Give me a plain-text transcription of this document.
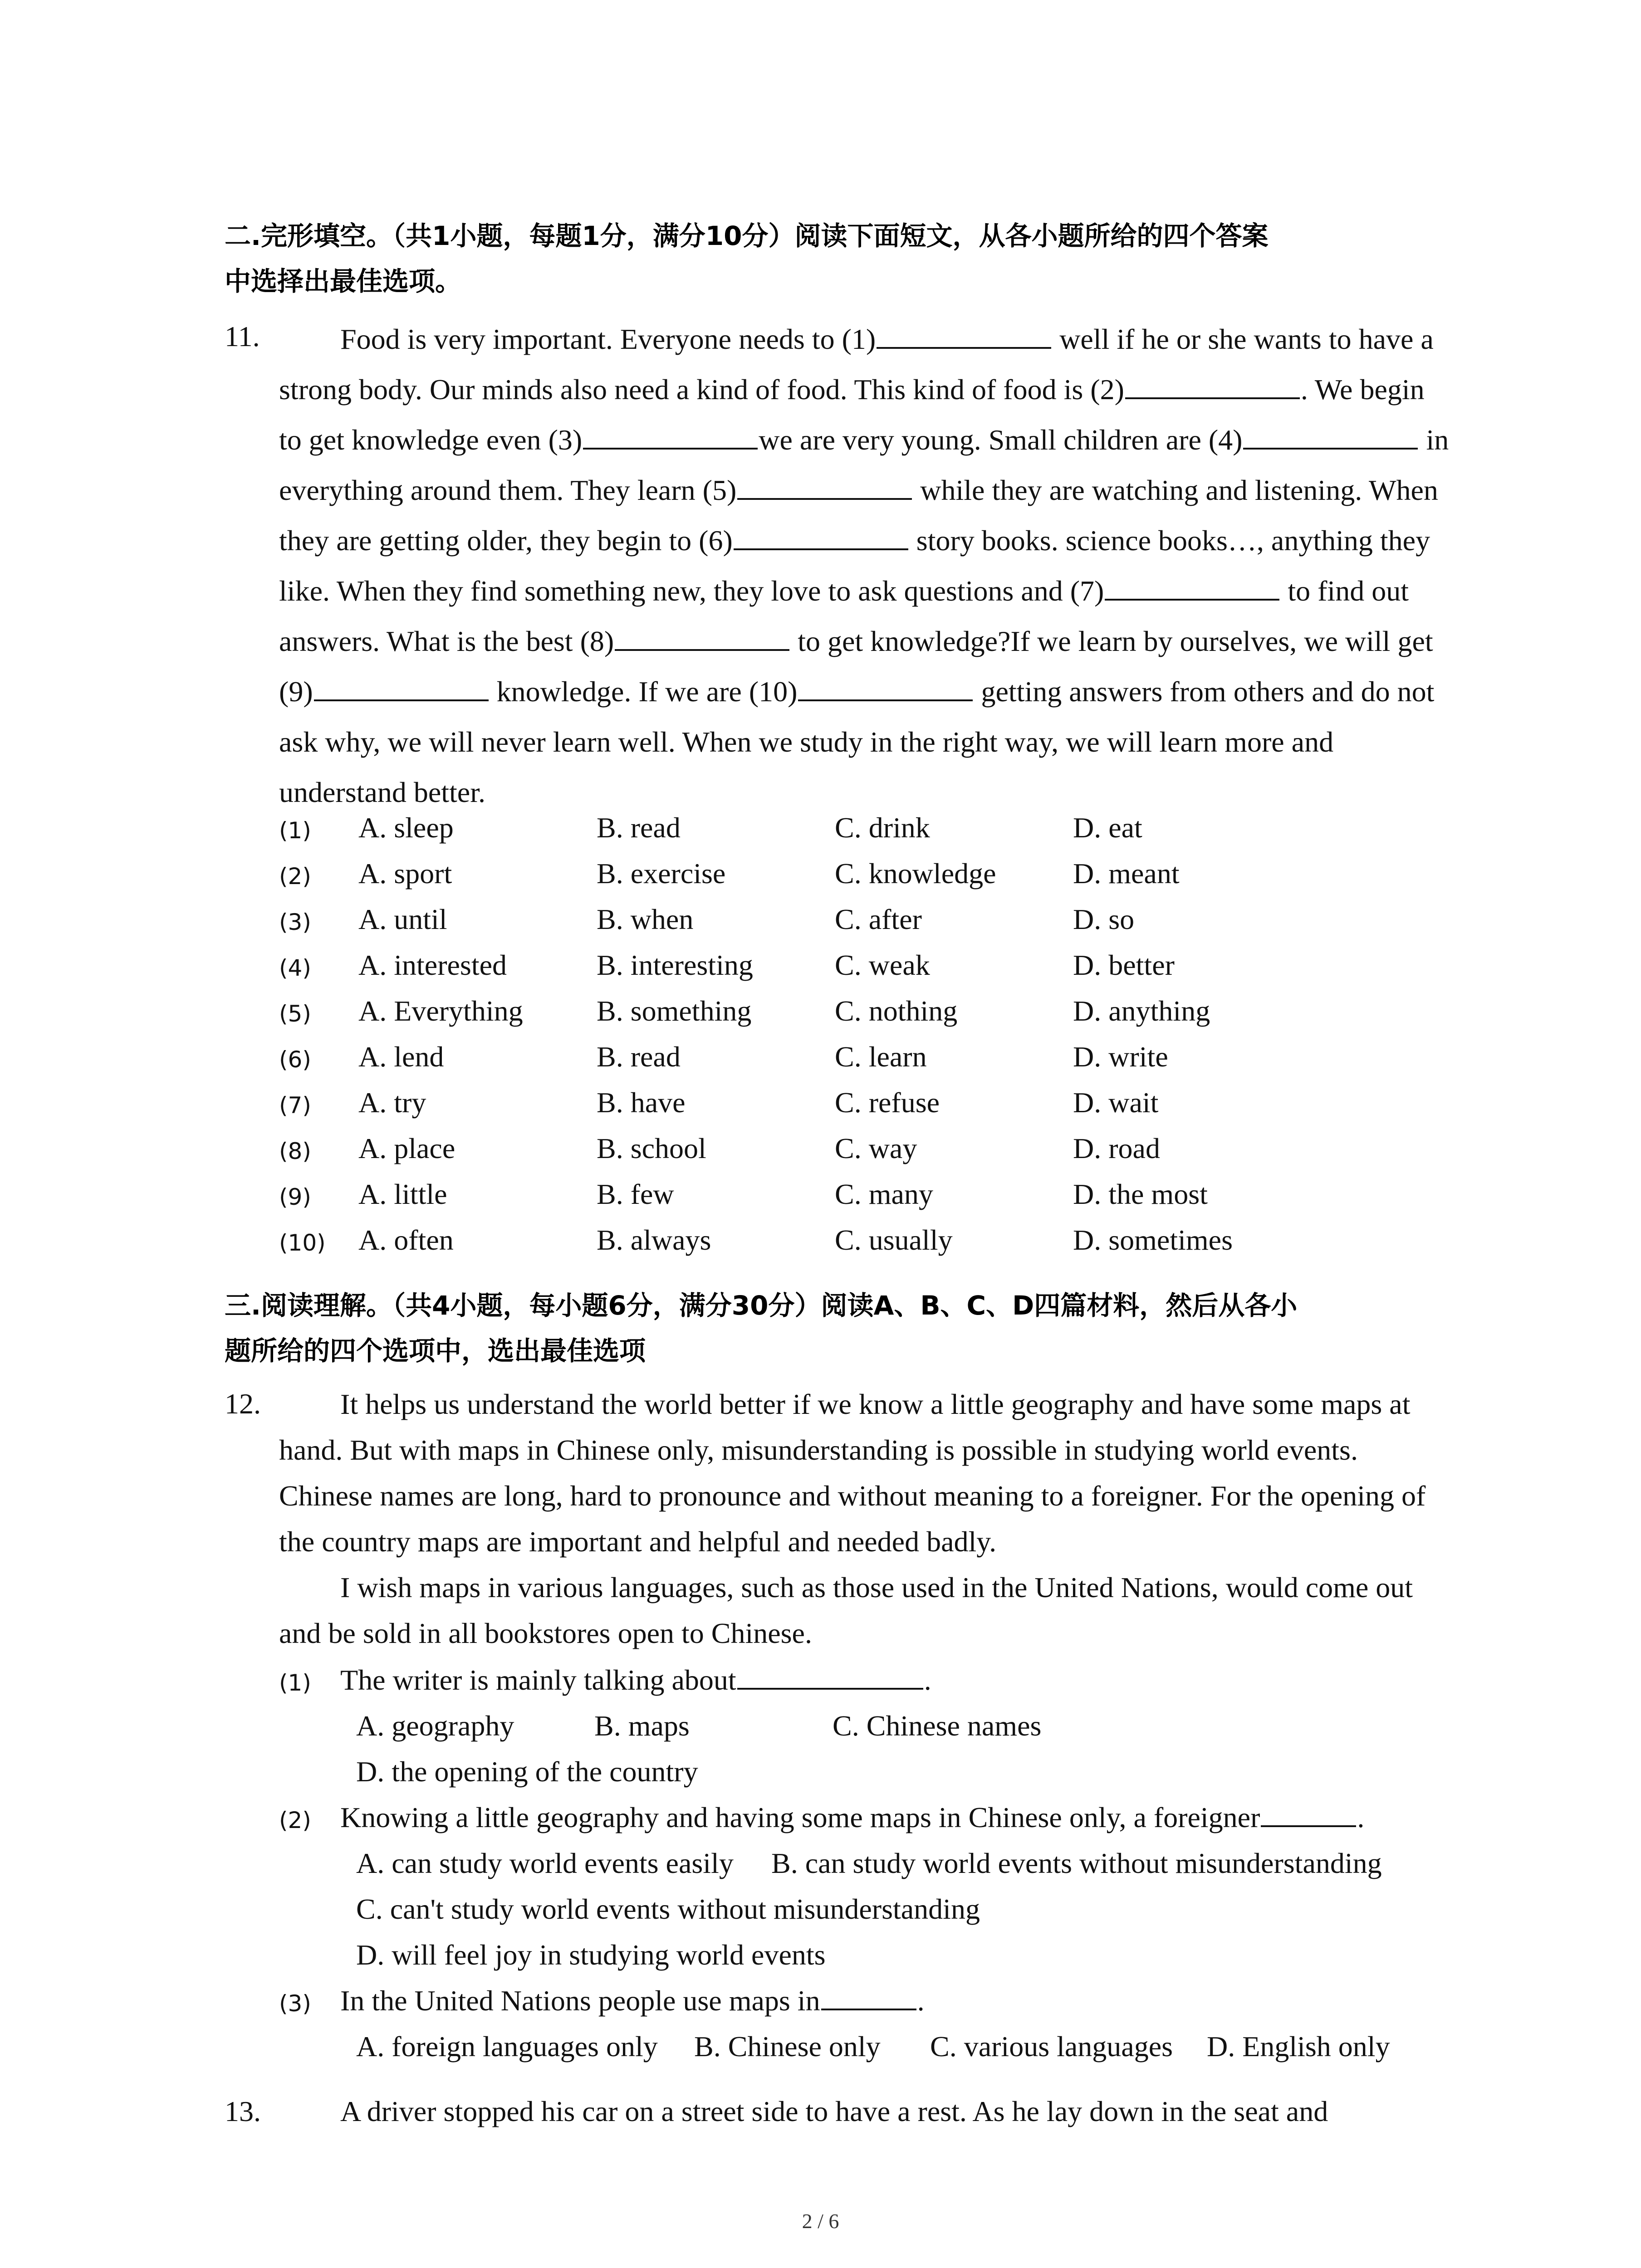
二.完形填空。（共1小题，每题1分，满分10分）阅读下面短文，从各小题所给的四个答案
中选择出最佳选项。

11.	Food is very important. Everyone needs to (1)	well if he or she wants to have a strong body. Our minds also need a kind of food. This kind of food is (2)	. We begin to get knowledge even (3)	we are very young. Small children are (4)	in everything around them. They learn (5)	while they are watching and listening. When they are getting older, they begin to (6)	story books. science books…, anything they like. When they find something new, they love to ask questions and (7)	to find out answers. What is the best (8)	to get knowledge?If we learn by ourselves, we will get (9)	knowledge. If we are (10)	getting answers from others and do not ask why, we will never learn well. When we study in the right way, we will learn more and understand better.

(1) A. sleep	B. read	C. drink	D. eat
(2) A. sport	B. exercise	C. knowledge	D. meant
(3) A. until	B. when	C. after	D. so
(4) A. interested	B. interesting	C. weak	D. better
(5) A. Everything	B. something	C. nothing	D. anything
(6) A. lend	B. read	C. learn	D. write
(7) A. try	B. have	C. refuse	D. wait
(8) A. place	B. school	C. way	D. road
(9) A. little	B. few	C. many	D. the most
(10) A. often	B. always	C. usually	D. sometimes

三.阅读理解。（共4小题，每小题6分，满分30分）阅读A、B、C、D四篇材料，然后从各小
题所给的四个选项中，选出最佳选项

12.	It helps us understand the world better if we know a little geography and have some maps at hand. But with maps in Chinese only, misunderstanding is possible in studying world events. Chinese names are long, hard to pronounce and without meaning to a foreigner. For the opening of the country maps are important and helpful and needed badly.

I wish maps in various languages, such as those used in the United Nations, would come out and be sold in all bookstores open to Chinese.

(1) The writer is mainly talking about	.
A. geography	B. maps	C. Chinese names
D. the opening of the country
(2) Knowing a little geography and having some maps in Chinese only, a foreigner	.
A. can study world events easily B. can study world events without misunderstanding
C. can't study world events without misunderstanding
D. will feel joy in studying world events
(3) In the United Nations people use maps in	.
A. foreign languages only B. Chinese only C. various languages D. English only
13.	A driver stopped his car on a street side to have a rest. As he lay down in the seat and
2 / 6
